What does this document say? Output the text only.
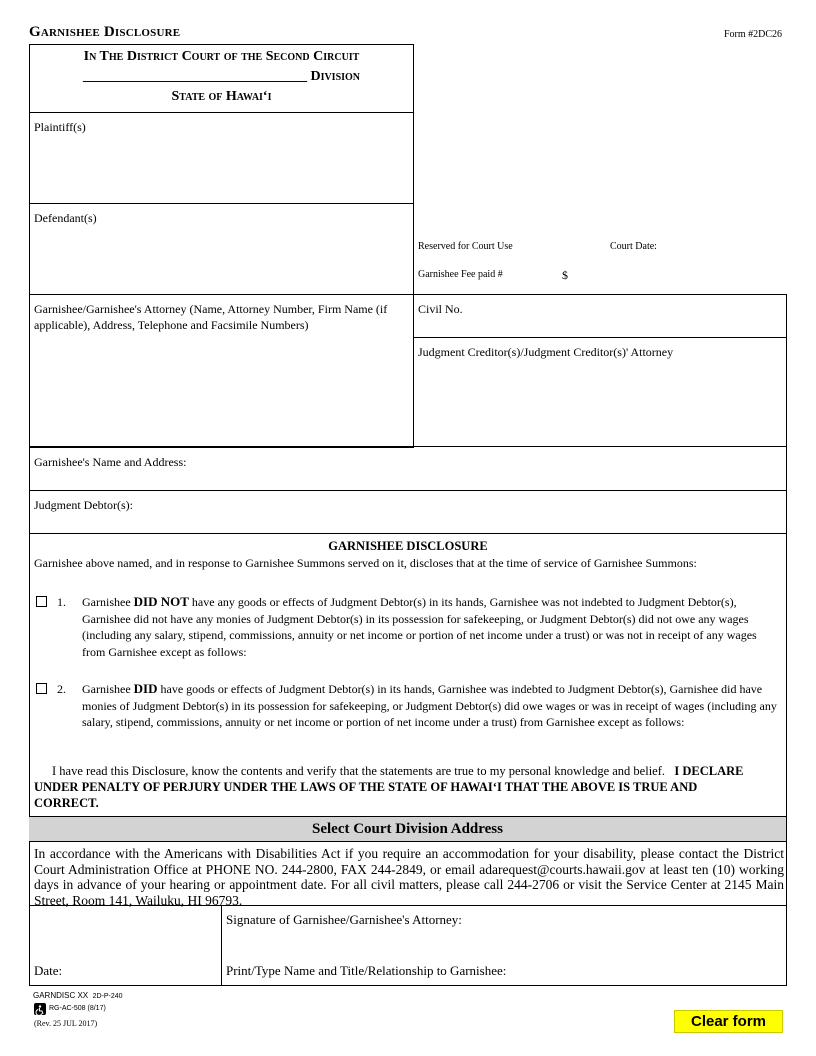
Garnishee Disclosure	Form #2DC26
In The District Court of the Second Circuit
________________________________ Division
State of Hawai‘i
Plaintiff(s)
Defendant(s)
Reserved for Court Use	Court Date:
Garnishee Fee paid #	$
Garnishee/Garnishee's Attorney (Name, Attorney Number, Firm Name (if applicable), Address, Telephone and Facsimile Numbers)
Civil No.
Judgment Creditor(s)/Judgment Creditor(s)' Attorney
Garnishee's Name and Address:
Judgment Debtor(s):
GARNISHEE DISCLOSURE
Garnishee above named, and in response to Garnishee Summons served on it, discloses that at the time of service of Garnishee Summons:
1. Garnishee DID NOT have any goods or effects of Judgment Debtor(s) in its hands, Garnishee was not indebted to Judgment Debtor(s), Garnishee did not have any monies of Judgment Debtor(s) in its possession for safekeeping, or Judgment Debtor(s) did not owe any wages (including any salary, stipend, commissions, annuity or net income or portion of net income under a trust) or was not in receipt of any wages from Garnishee except as follows:
2. Garnishee DID have goods or effects of Judgment Debtor(s) in its hands, Garnishee was indebted to Judgment Debtor(s), Garnishee did have monies of Judgment Debtor(s) in its possession for safekeeping, or Judgment Debtor(s) did owe wages or was in receipt of wages (including any salary, stipend, commissions, annuity or net income or portion of net income under a trust) from Garnishee except as follows:
I have read this Disclosure, know the contents and verify that the statements are true to my personal knowledge and belief. I DECLARE UNDER PENALTY OF PERJURY UNDER THE LAWS OF THE STATE OF HAWAI‘I THAT THE ABOVE IS TRUE AND CORRECT.
Select Court Division Address
In accordance with the Americans with Disabilities Act if you require an accommodation for your disability, please contact the District Court Administration Office at PHONE NO. 244-2800, FAX 244-2849, or email adarequest@courts.hawaii.gov at least ten (10) working days in advance of your hearing or appointment date. For all civil matters, please call 244-2706 or visit the Service Center at 2145 Main Street, Room 141, Wailuku, HI 96793.
Date:
Signature of Garnishee/Garnishee's Attorney:
Print/Type Name and Title/Relationship to Garnishee:
GARNDISC XX 2D-P-240
RG-AC-508 (8/17)
(Rev. 25 JUL 2017)	Clear form
